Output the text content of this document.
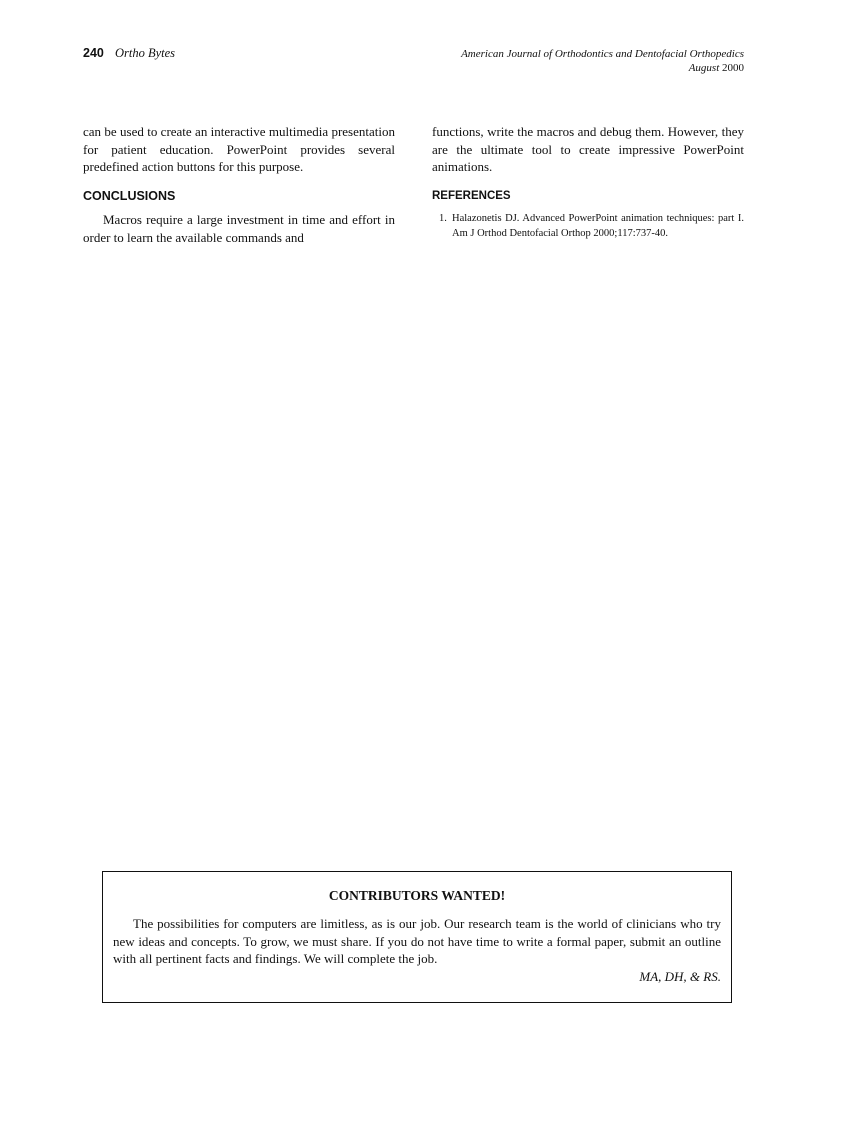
240 Ortho Bytes	American Journal of Orthodontics and Dentofacial Orthopedics
August 2000

can be used to create an interactive multimedia presentation for patient education. PowerPoint provides several predefined action buttons for this purpose.

CONCLUSIONS

Macros require a large investment in time and effort in order to learn the available commands and

functions, write the macros and debug them. However, they are the ultimate tool to create impressive PowerPoint animations.

REFERENCES
1. Halazonetis DJ. Advanced PowerPoint animation techniques: part I. Am J Orthod Dentofacial Orthop 2000;117:737-40.
CONTRIBUTORS WANTED!

The possibilities for computers are limitless, as is our job. Our research team is the world of clinicians who try new ideas and concepts. To grow, we must share. If you do not have time to write a formal paper, submit an outline with all pertinent facts and findings. We will complete the job.

MA, DH, & RS.
